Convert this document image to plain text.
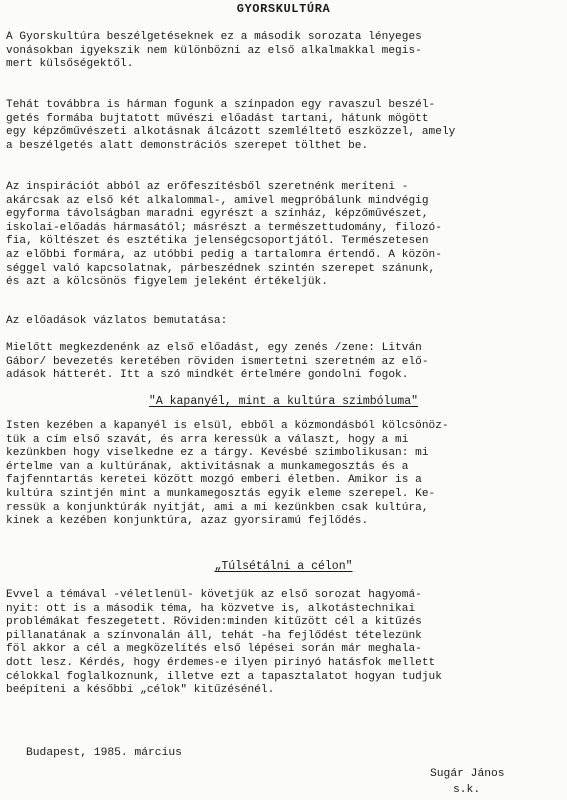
GYORSKULTÚRA

A Gyorskultúra beszélgetéseknek ez a második sorozata lényeges
vonásokban igyekszik nem különbözni az első alkalmakkal megis-
mert külsőségektől.

Tehát továbbra is hárman fogunk a színpadon egy ravaszul beszél-
getés formába bujtatott művészi előadást tartani, hátunk mögött
egy képzőművészeti alkotásnak álcázott szemléltető eszközzel, amely
a beszélgetés alatt demonstrációs szerepet tölthet be.

Az inspirációt abból az erőfeszítésből szeretnénk meríteni -
akárcsak az első két alkalommal-, amivel megpróbálunk mindvégig
egyforma távolságban maradni egyrészt a színház, képzőművészet,
iskolai-előadás hármasától; másrészt a természettudomány, filozó-
fia, költészet és esztétika jelenségcsoportjától. Természetesen
az előbbi formára, az utóbbi pedig a tartalomra értendő. A közön-
séggel való kapcsolatnak, párbeszédnek szintén szerepet szánunk,
és azt a kölcsönös figyelem jeleként értékeljük.

Az előadások vázlatos bemutatása:

Mielőtt megkezdenénk az első előadást, egy zenés /zene: Litván
Gábor/ bevezetés keretében röviden ismertetni szeretném az elő-
adások hátterét. Itt a szó mindkét értelmére gondolni fogok.

"A kapanyél, mint a kultúra szimbóluma"

Isten kezében a kapanyél is elsül, ebből a közmondásból kölcsönöz-
tük a cím első szavát, és arra keressük a választ, hogy a mi
kezünkben hogy viselkedne ez a tárgy. Kevésbé szimbolikusan: mi
értelme van a kultúrának, aktivitásnak a munkamegosztás és a
fajfenntartás keretei között mozgó emberi életben. Amikor is a
kultúra szintjén mint a munkamegosztás egyik eleme szerepel. Ke-
ressük a konjunktúrák nyitját, ami a mi kezünkben csak kultúra,
kinek a kezében konjunktúra, azaz gyorsiramú fejlődés.

„Túlsétálni a célon"

Evvel a témával -véletlenül- követjük az első sorozat hagyomá-
nyit: ott is a második téma, ha közvetve is, alkotástechnikai
problémákat feszegetett. Röviden:minden kitűzött cél a kitűzés
pillanatának a színvonalán áll, tehát -ha fejlődést tételezünk
föl akkor a cél a megközelítés első lépései során már meghala-
dott lesz. Kérdés, hogy érdemes-e ilyen pirinyó hatásfok mellett
célokkal foglalkoznunk, illetve ezt a tapasztalatot hogyan tudjuk
beépíteni a későbbi „célok" kitűzésénél.

Budapest, 1985. március
Sugár János
s.k.
